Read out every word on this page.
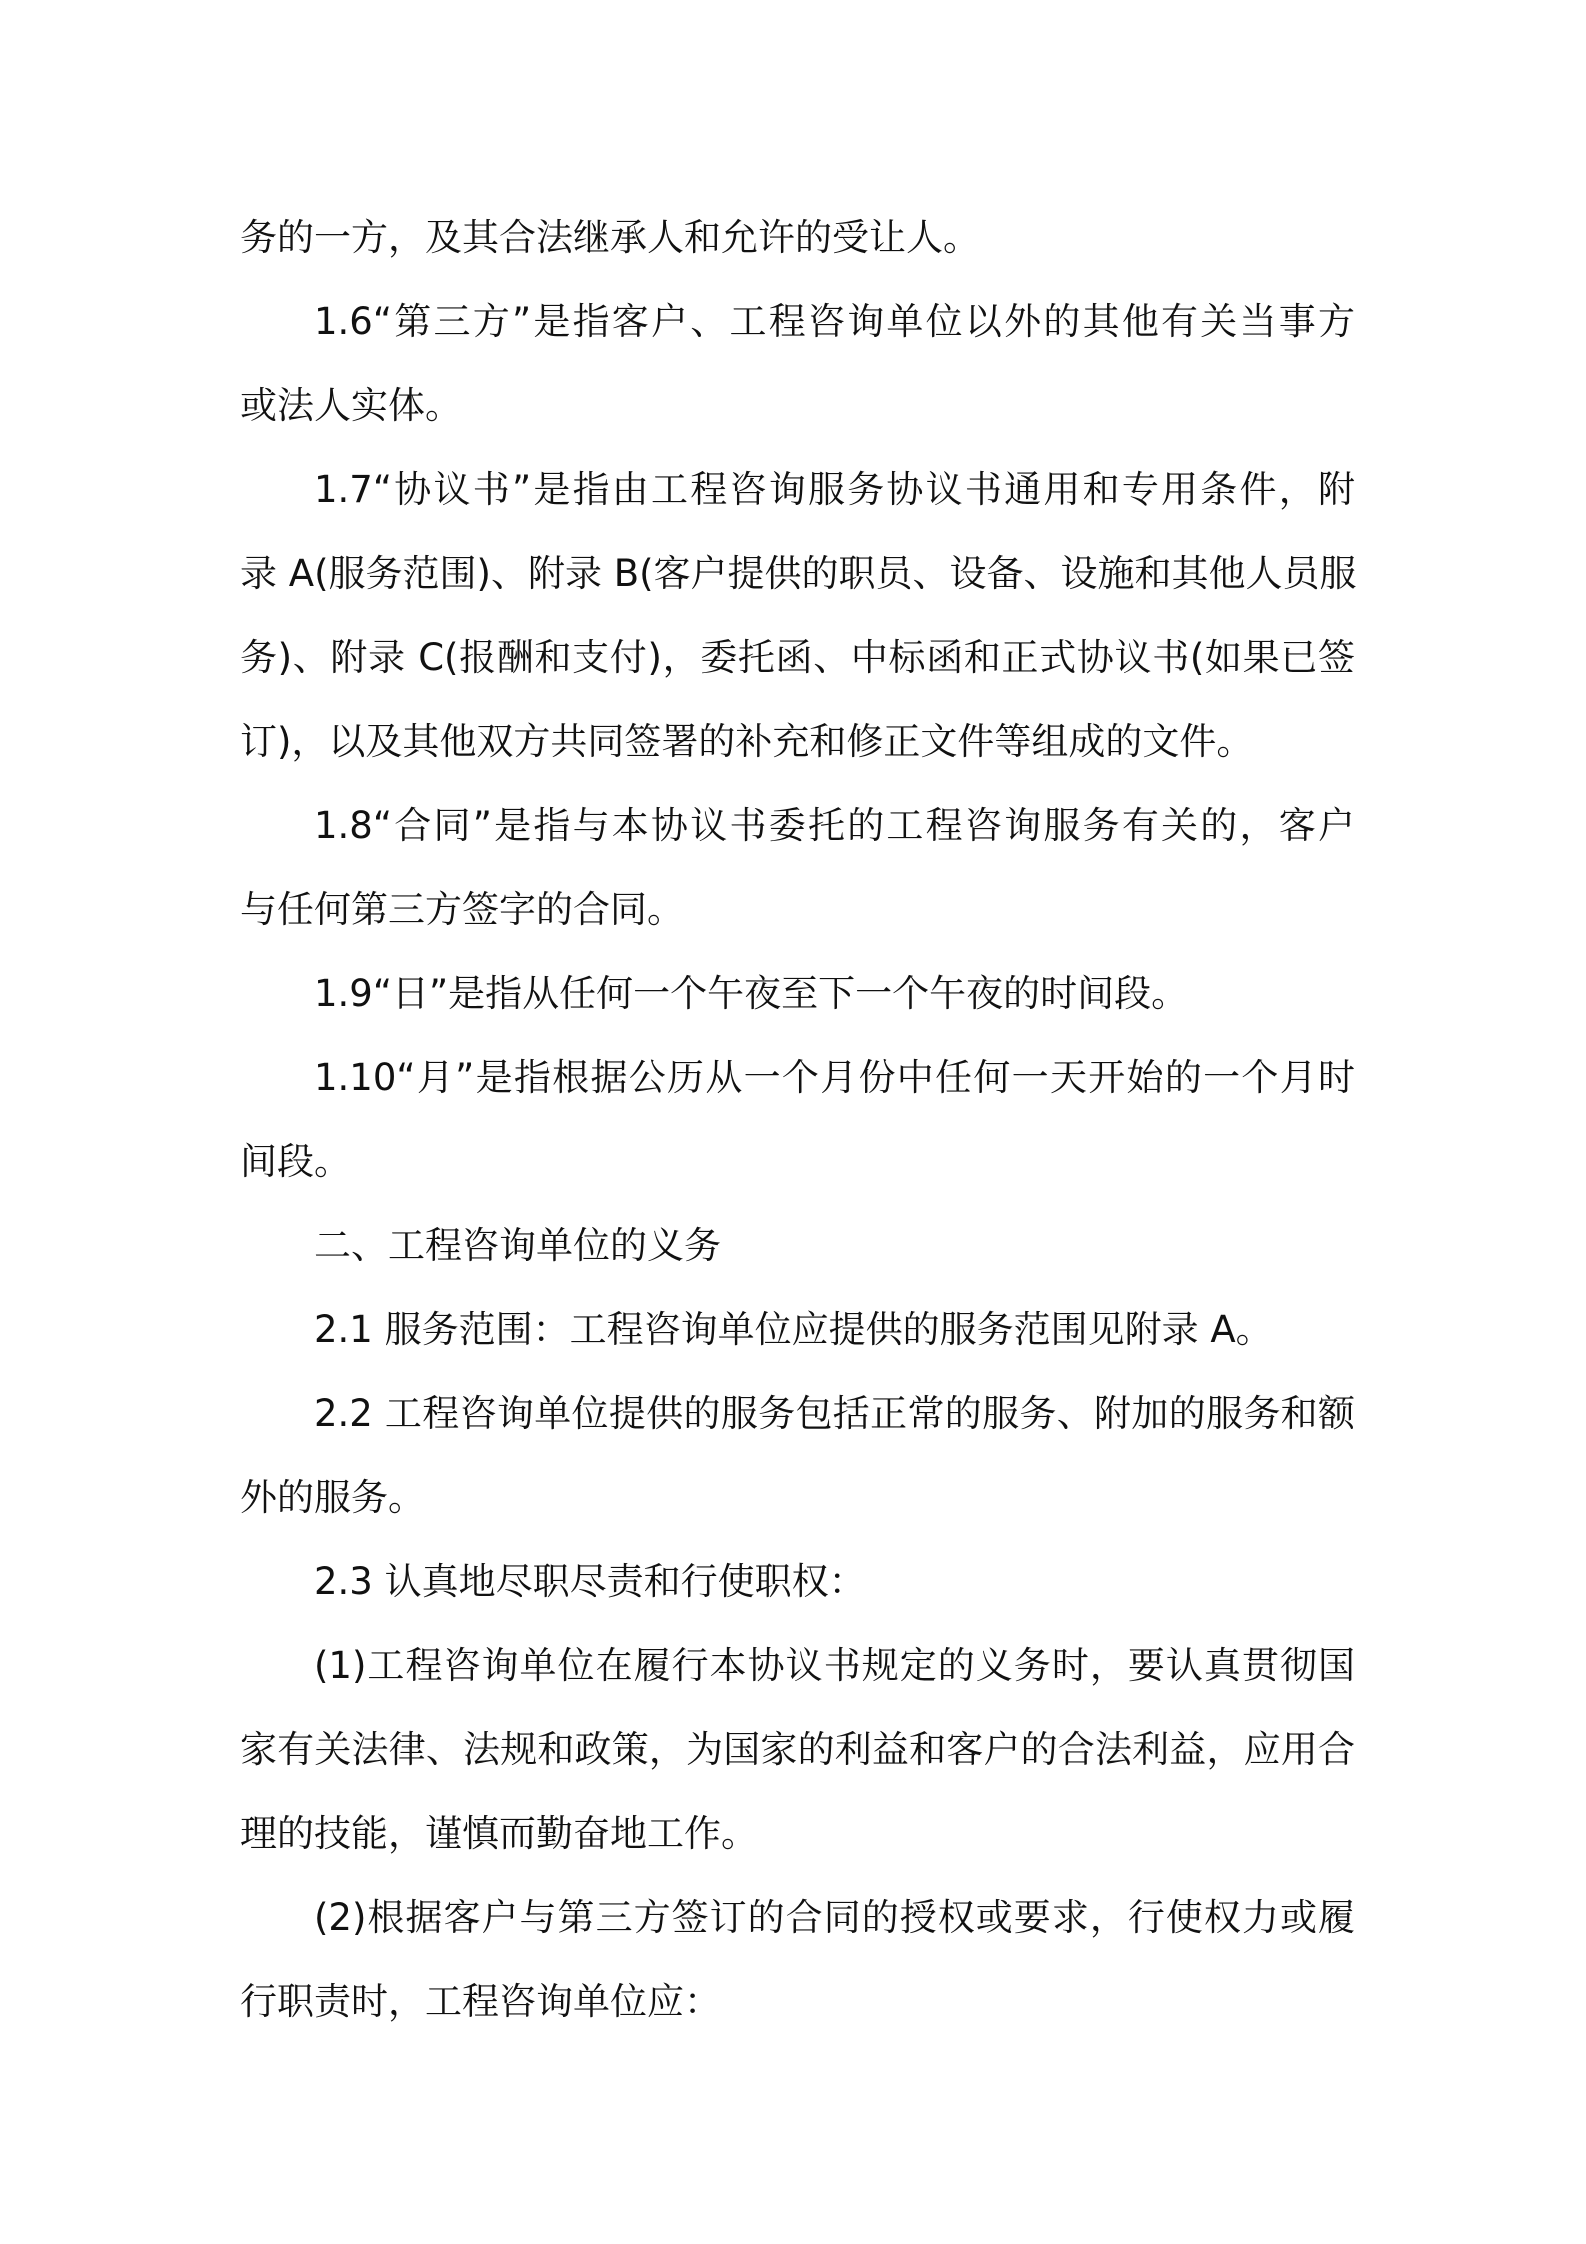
务的一方，及其合法继承人和允许的受让人。
1.6“第三方”是指客户、工程咨询单位以外的其他有关当事方
或法人实体。
1.7“协议书”是指由工程咨询服务协议书通用和专用条件，附
录 A(服务范围)、附录 B(客户提供的职员、设备、设施和其他人员服
务)、附录 C(报酬和支付)，委托函、中标函和正式协议书(如果已签
订)，以及其他双方共同签署的补充和修正文件等组成的文件。
1.8“合同”是指与本协议书委托的工程咨询服务有关的，客户
与任何第三方签字的合同。
1.9“日”是指从任何一个午夜至下一个午夜的时间段。
1.10“月”是指根据公历从一个月份中任何一天开始的一个月时
间段。
二、工程咨询单位的义务
2.1 服务范围：工程咨询单位应提供的服务范围见附录 A。
2.2 工程咨询单位提供的服务包括正常的服务、附加的服务和额
外的服务。
2.3 认真地尽职尽责和行使职权：
(1)工程咨询单位在履行本协议书规定的义务时，要认真贯彻国
家有关法律、法规和政策，为国家的利益和客户的合法利益，应用合
理的技能，谨慎而勤奋地工作。
(2)根据客户与第三方签订的合同的授权或要求，行使权力或履
行职责时，工程咨询单位应：
